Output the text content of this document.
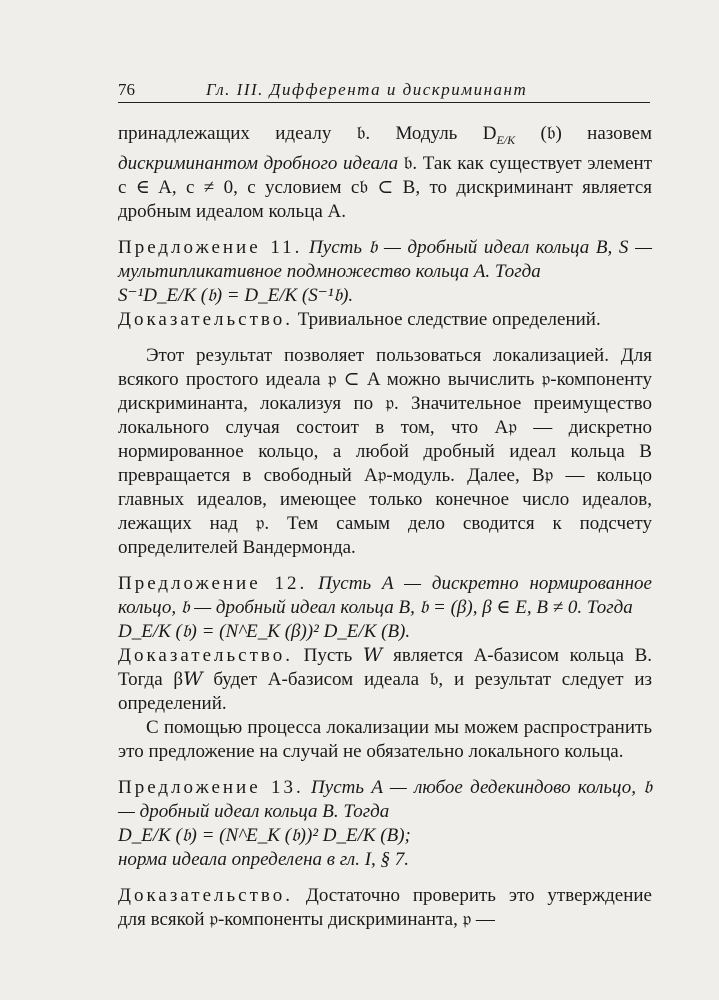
76	Гл. III. Дифферента и дискриминант

принадлежащих идеалу 𝔟. Модуль $D_{E/K}$ (𝔟) назовем дискриминантом дробного идеала 𝔟. Так как существует элемент c ∈ A, c ≠ 0, с условием c𝔟 ⊂ B, то дискриминант является дробным идеалом кольца A.

Предложение 11. Пусть 𝔟 — дробный идеал кольца B, S — мультипликативное подмножество кольца A. Тогда

S⁻¹D_E/K (𝔟) = D_E/K (S⁻¹𝔟).

Доказательство. Тривиальное следствие определений.

Этот результат позволяет пользоваться локализацией. Для всякого простого идеала 𝔭 ⊂ A можно вычислить 𝔭-компоненту дискриминанта, локализуя по 𝔭. Значительное преимущество локального случая состоит в том, что A𝔭 — дискретно нормированное кольцо, а любой дробный идеал кольца B превращается в свободный A𝔭-модуль. Далее, B𝔭 — кольцо главных идеалов, имеющее только конечное число идеалов, лежащих над 𝔭. Тем самым дело сводится к подсчету определителей Вандермонда.

Предложение 12. Пусть A — дискретно нормированное кольцо, 𝔟 — дробный идеал кольца B, 𝔟 = (β), β ∈ E, B ≠ 0. Тогда

D_E/K (𝔟) = (N^E_K (β))² D_E/K (B).

Доказательство. Пусть 𝑊 является A-базисом кольца B. Тогда β𝑊 будет A-базисом идеала 𝔟, и результат следует из определений.

С помощью процесса локализации мы можем распространить это предложение на случай не обязательно локального кольца.

Предложение 13. Пусть A — любое дедекиндово кольцо, 𝔟 — дробный идеал кольца B. Тогда

D_E/K (𝔟) = (N^E_K (𝔟))² D_E/K (B);

норма идеала определена в гл. I, § 7.

Доказательство. Достаточно проверить это утверждение для всякой 𝔭-компоненты дискриминанта, 𝔭 —
